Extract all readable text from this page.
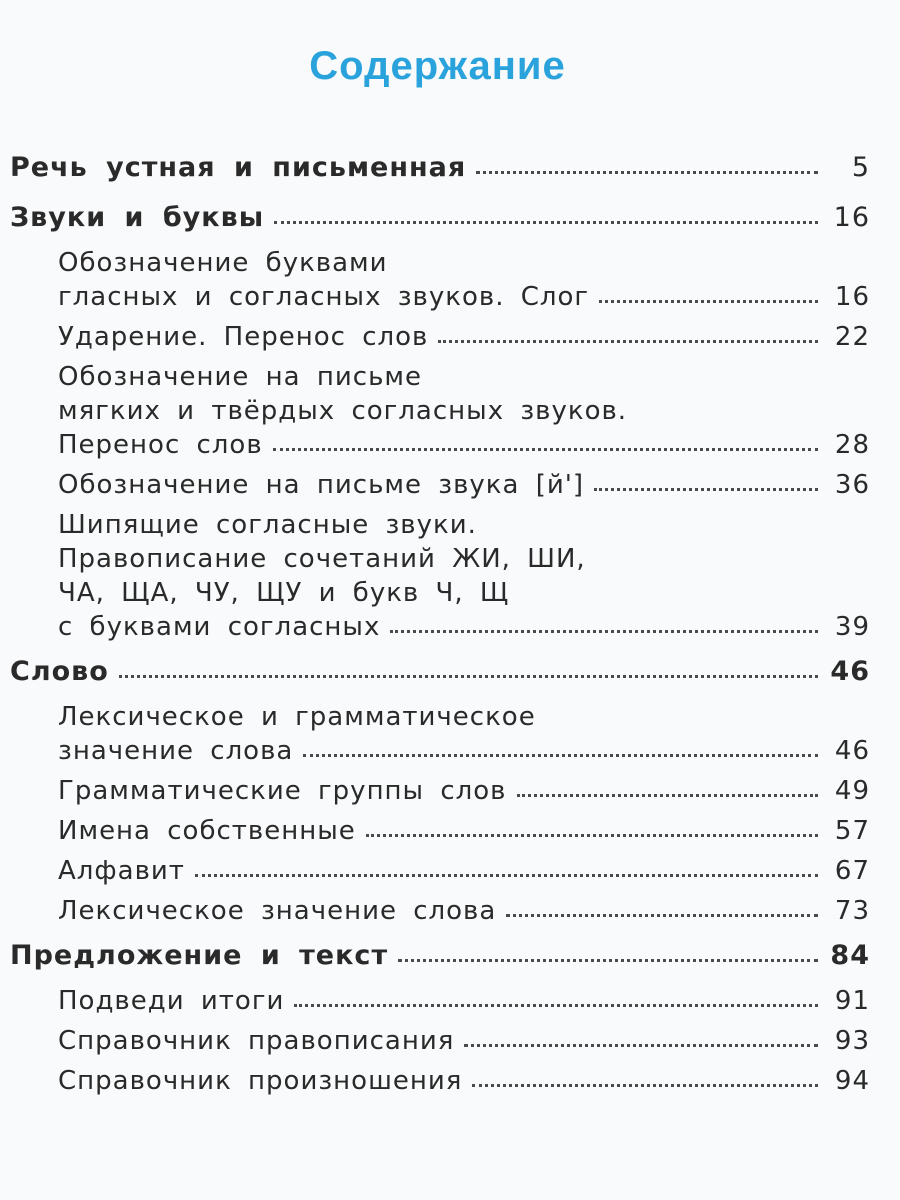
Содержание
Речь устная и письменная	5
Звуки и буквы	16
Обозначение буквами
гласных и согласных звуков. Слог	16
Ударение. Перенос слов	22
Обозначение на письме
мягких и твёрдых согласных звуков.
Перенос слов	28
Обозначение на письме звука [й']	36
Шипящие согласные звуки.
Правописание сочетаний ЖИ, ШИ,
ЧА, ЩА, ЧУ, ЩУ и букв Ч, Щ
с буквами согласных	39
Слово	46
Лексическое и грамматическое
значение слова	46
Грамматические группы слов	49
Имена собственные	57
Алфавит	67
Лексическое значение слова	73
Предложение и текст	84
Подведи итоги	91
Справочник правописания	93
Справочник произношения	94
